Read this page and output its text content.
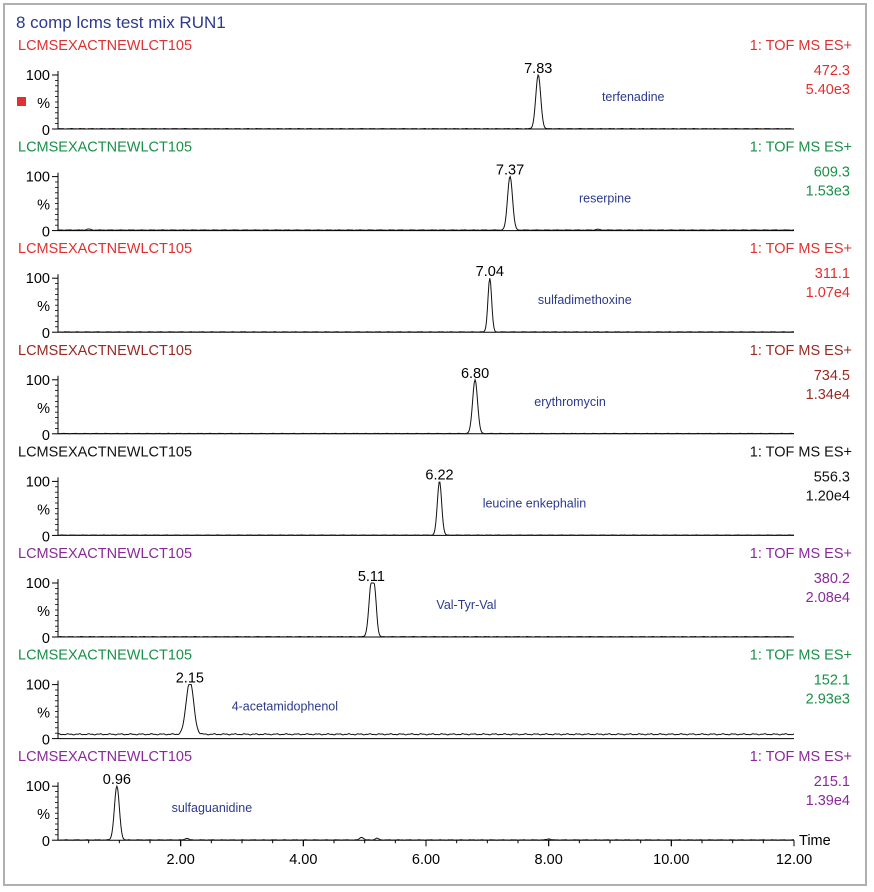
8 comp lcms test mix RUN1
LCMSEXACTNEWLCT105	1: TOF MS ES+
472.3
5.40e3
100
%
0
7.83
terfenadine
LCMSEXACTNEWLCT105	1: TOF MS ES+
609.3
1.53e3
100
%
0
7.37
reserpine
LCMSEXACTNEWLCT105	1: TOF MS ES+
311.1
1.07e4
100
%
0
7.04
sulfadimethoxine
LCMSEXACTNEWLCT105	1: TOF MS ES+
734.5
1.34e4
100
%
0
6.80
erythromycin
LCMSEXACTNEWLCT105	1: TOF MS ES+
556.3
1.20e4
100
%
0
6.22
leucine enkephalin
LCMSEXACTNEWLCT105	1: TOF MS ES+
380.2
2.08e4
100
%
0
5.11
Val-Tyr-Val
LCMSEXACTNEWLCT105	1: TOF MS ES+
152.1
2.93e3
100
%
0
2.15
4-acetamidophenol
LCMSEXACTNEWLCT105	1: TOF MS ES+
215.1
1.39e4
100
%
0
0.96
sulfaguanidine
2.00	4.00	6.00	8.00	10.00	12.00
Time
